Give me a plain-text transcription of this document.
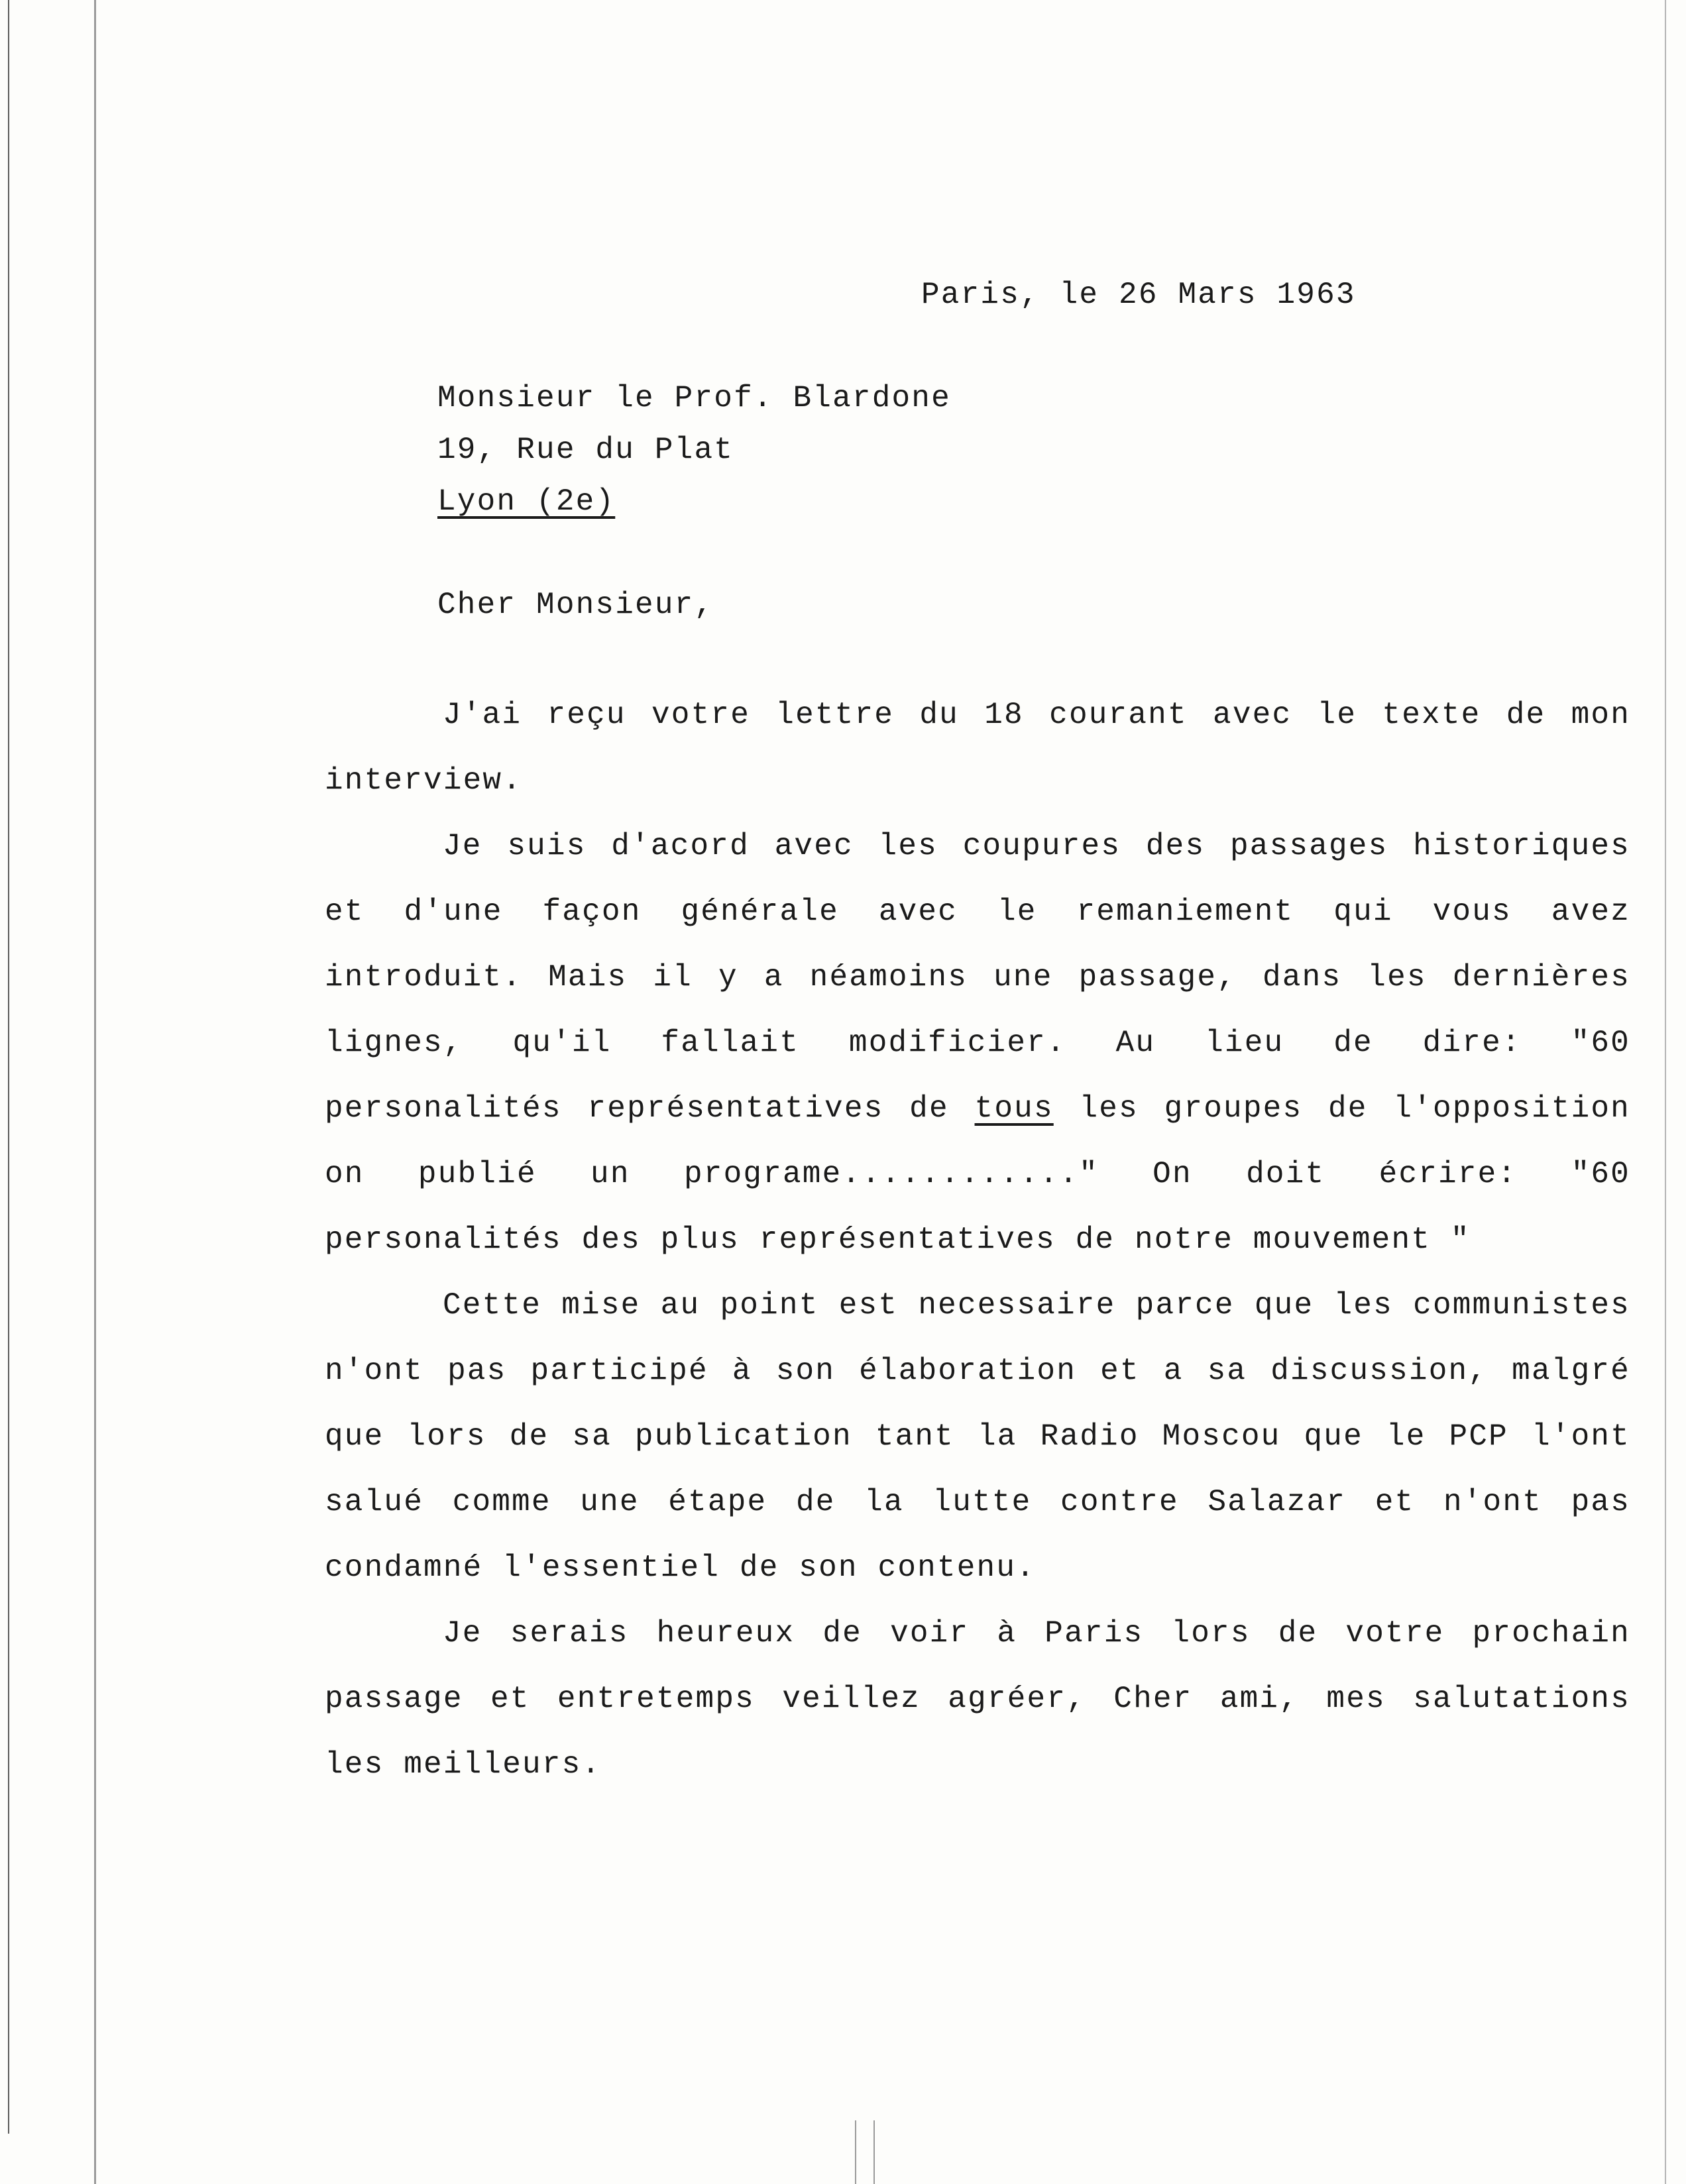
Paris, le 26 Mars 1963
Monsieur le Prof. Blardone
19, Rue du Plat
Lyon (2e)
Cher Monsieur,

J'ai reçu votre lettre du 18 courant avec le texte de mon interview.

Je suis d'acord avec les coupures des passages historiques et d'une façon générale avec le remaniement qui vous avez introduit. Mais il y a néamoins une passage, dans les dernières lignes, qu'il fallait modificier. Au lieu de dire: "60 personalités représentatives de tous les groupes de l'opposition on publié un programe............" On doit écrire: "60 personalités des plus représentatives de notre mouvement "

Cette mise au point est necessaire parce que les communistes n'ont pas participé à son élaboration et a sa discussion, malgré que lors de sa publication tant la Radio Moscou que le PCP l'ont salué comme une étape de la lutte contre Salazar et n'ont pas condamné l'essentiel de son contenu.

Je serais heureux de voir à Paris lors de votre prochain passage et entretemps veillez agréer, Cher ami, mes salutations les meilleurs.
